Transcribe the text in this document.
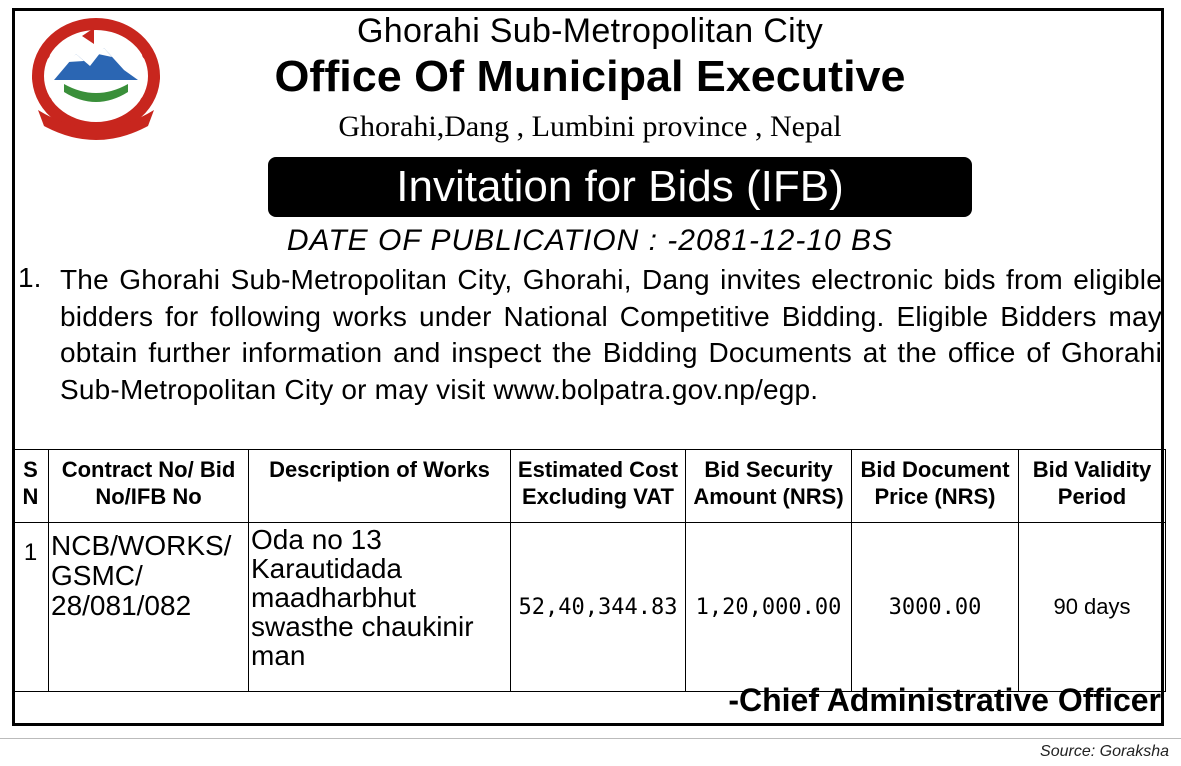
Ghorahi Sub-Metropolitan City
Office Of Municipal Executive
Ghorahi,Dang , Lumbini province , Nepal
Invitation for Bids (IFB)
DATE OF PUBLICATION : -2081-12-10 BS
1. The Ghorahi Sub-Metropolitan City, Ghorahi, Dang invites electronic bids from eligible bidders for following works under National Competitive Bidding. Eligible Bidders may obtain further information and inspect the Bidding Documents at the office of Ghorahi Sub-Metropolitan City or may visit www.bolpatra.gov.np/egp.
S N	Contract No/ Bid No/IFB No	Description of Works	Estimated Cost Excluding VAT	Bid Security Amount (NRS)	Bid Document Price (NRS)	Bid Validity Period
1	NCB/WORKS/ GSMC/ 28/081/082	Oda no 13 Karautidada maadharbhut swasthe chaukinir man	52,40,344.83	1,20,000.00	3000.00	90 days
-Chief Administrative Officer
Source: Goraksha
